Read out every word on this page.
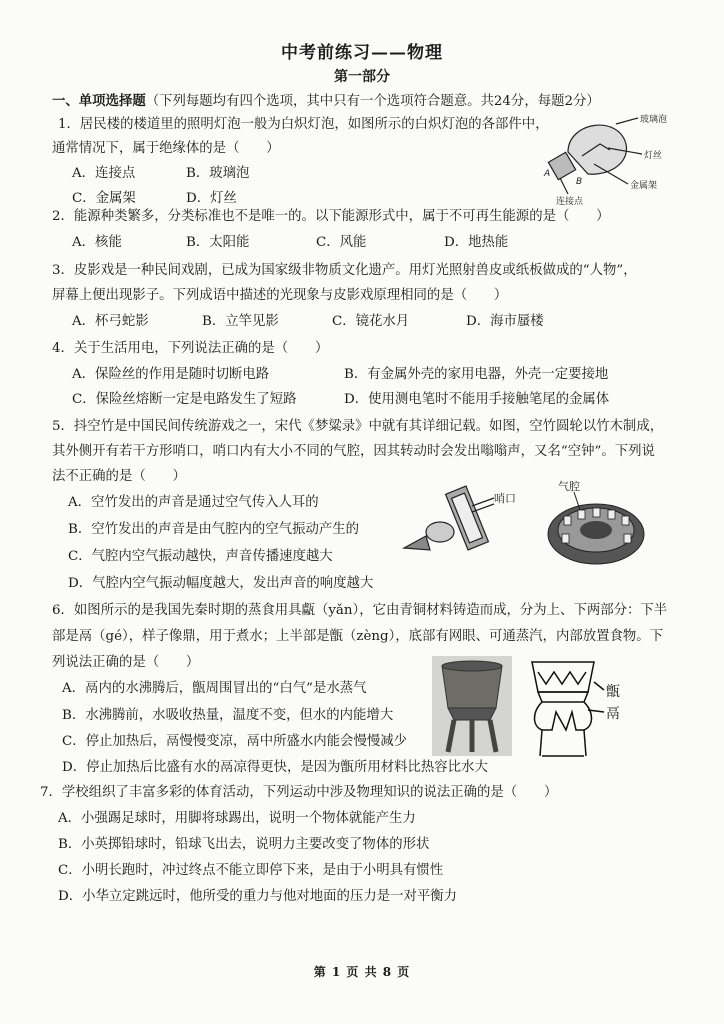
中考前练习——物理
第一部分
一、单项选择题（下列每题均有四个选项，其中只有一个选项符合题意。共24分，每题2分）
1．居民楼的楼道里的照明灯泡一般为白炽灯泡，如图所示的白炽灯泡的各部件中，
通常情况下，属于绝缘体的是（　　）
A．连接点	B．玻璃泡
C．金属架	D．灯丝
玻璃泡
灯丝
金属架
连接点
A
B
2．能源种类繁多，分类标准也不是唯一的。以下能源形式中，属于不可再生能源的是（　　）
A．核能	B．太阳能	C．风能	D．地热能
3．皮影戏是一种民间戏剧，已成为国家级非物质文化遗产。用灯光照射兽皮或纸板做成的“人物”，
屏幕上便出现影子。下列成语中描述的光现象与皮影戏原理相同的是（　　）
A．杯弓蛇影	B．立竿见影	C．镜花水月	D．海市蜃楼
4．关于生活用电，下列说法正确的是（　　）
A．保险丝的作用是随时切断电路	B．有金属外壳的家用电器，外壳一定要接地
C．保险丝熔断一定是电路发生了短路	D．使用测电笔时不能用手接触笔尾的金属体
5．抖空竹是中国民间传统游戏之一，宋代《梦粱录》中就有其详细记载。如图，空竹圆轮以竹木制成，
其外侧开有若干方形哨口，哨口内有大小不同的气腔，因其转动时会发出嗡嗡声，又名“空钟”。下列说
法不正确的是（　　）
A．空竹发出的声音是通过空气传入人耳的
B．空竹发出的声音是由气腔内的空气振动产生的
C．气腔内空气振动越快，声音传播速度越大
D．气腔内空气振动幅度越大，发出声音的响度越大
哨口
气腔
6．如图所示的是我国先秦时期的蒸食用具甗（yǎn），它由青铜材料铸造而成，分为上、下两部分：下半
部是鬲（gé），样子像鼎，用于煮水；上半部是甑（zèng），底部有网眼、可通蒸汽，内部放置食物。下
列说法正确的是（　　）
A．鬲内的水沸腾后，甑周围冒出的“白气”是水蒸气
B．水沸腾前，水吸收热量，温度不变，但水的内能增大
C．停止加热后，鬲慢慢变凉，鬲中所盛水内能会慢慢减少
D．停止加热后比盛有水的鬲凉得更快，是因为甑所用材料比热容比水大
甑
鬲
7．学校组织了丰富多彩的体育活动，下列运动中涉及物理知识的说法正确的是（　　）
A．小强踢足球时，用脚将球踢出，说明一个物体就能产生力
B．小英掷铅球时，铅球飞出去，说明力主要改变了物体的形状
C．小明长跑时，冲过终点不能立即停下来，是由于小明具有惯性
D．小华立定跳远时，他所受的重力与他对地面的压力是一对平衡力
第 1 页 共 8 页
